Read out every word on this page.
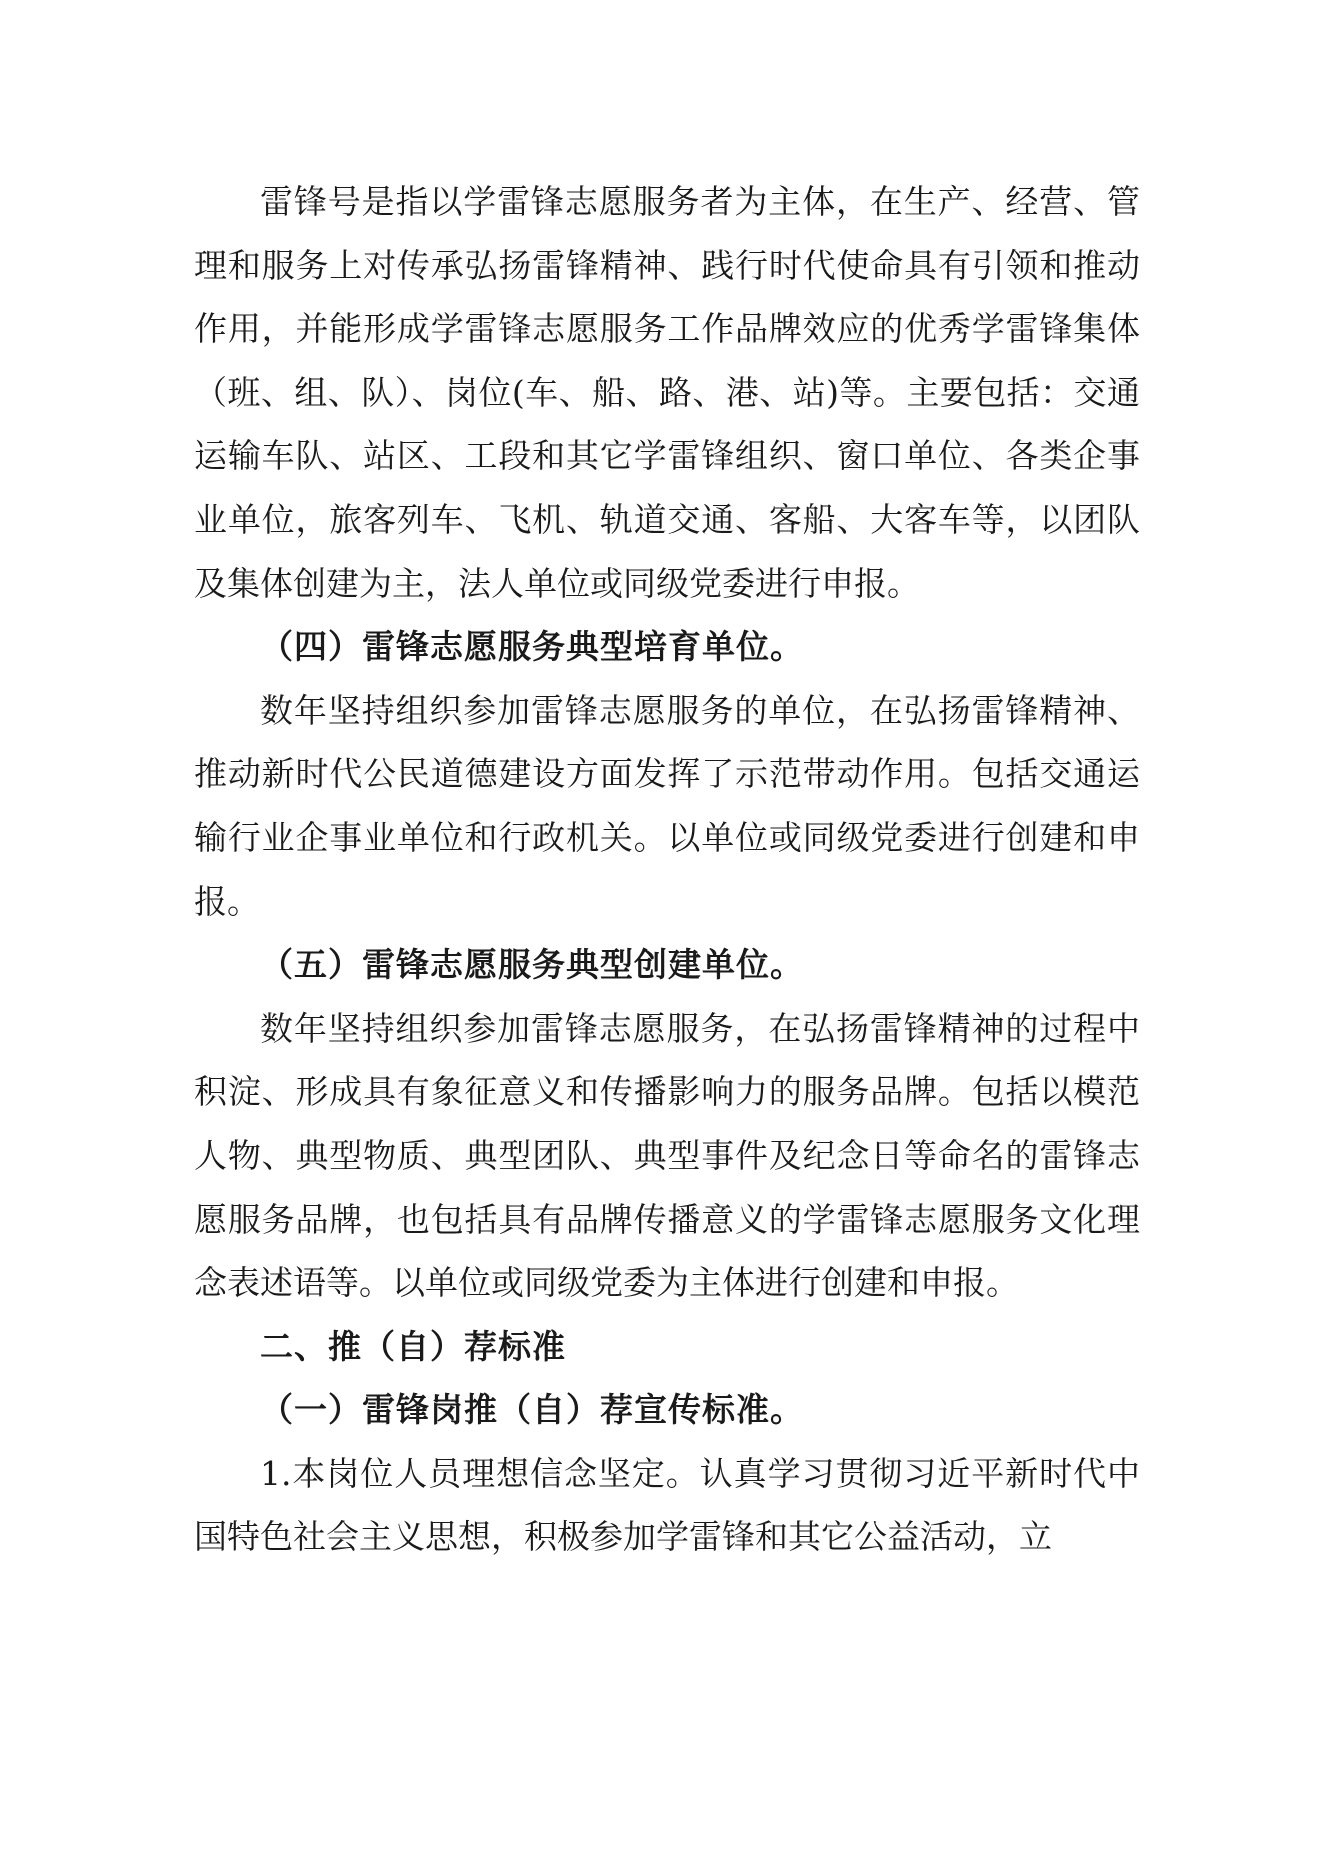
雷锋号是指以学雷锋志愿服务者为主体，在生产、经营、管理和服务上对传承弘扬雷锋精神、践行时代使命具有引领和推动作用，并能形成学雷锋志愿服务工作品牌效应的优秀学雷锋集体（班、组、队）、岗位(车、船、路、港、站)等。主要包括：交通运输车队、站区、工段和其它学雷锋组织、窗口单位、各类企事业单位，旅客列车、飞机、轨道交通、客船、大客车等，以团队及集体创建为主，法人单位或同级党委进行申报。

（四）雷锋志愿服务典型培育单位。

数年坚持组织参加雷锋志愿服务的单位，在弘扬雷锋精神、推动新时代公民道德建设方面发挥了示范带动作用。包括交通运输行业企事业单位和行政机关。以单位或同级党委进行创建和申报。

（五）雷锋志愿服务典型创建单位。

数年坚持组织参加雷锋志愿服务，在弘扬雷锋精神的过程中积淀、形成具有象征意义和传播影响力的服务品牌。包括以模范人物、典型物质、典型团队、典型事件及纪念日等命名的雷锋志愿服务品牌，也包括具有品牌传播意义的学雷锋志愿服务文化理念表述语等。以单位或同级党委为主体进行创建和申报。

二、推（自）荐标准

（一）雷锋岗推（自）荐宣传标准。

1.本岗位人员理想信念坚定。认真学习贯彻习近平新时代中国特色社会主义思想，积极参加学雷锋和其它公益活动，立
